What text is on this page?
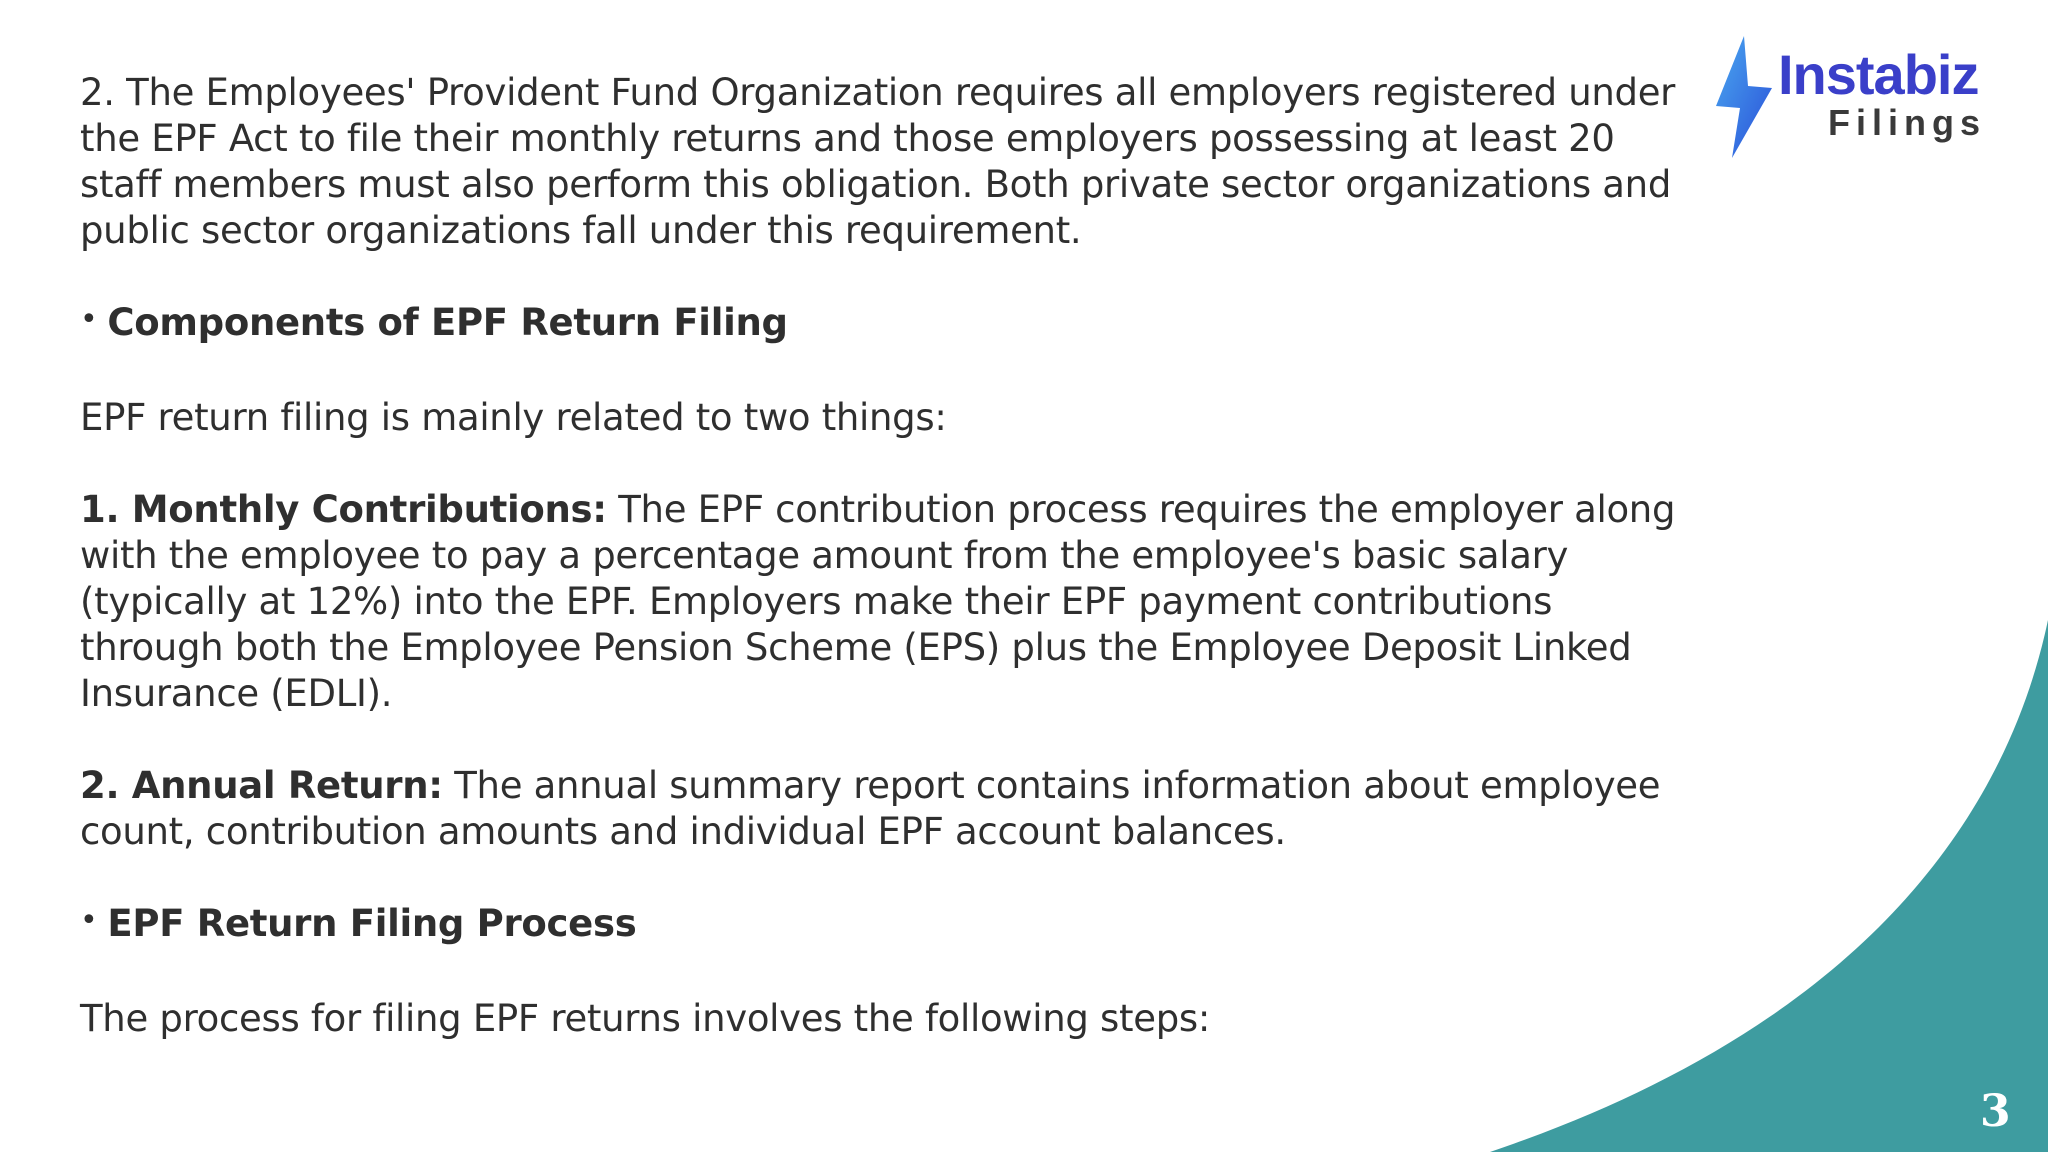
Instabiz
Filings

2. The Employees' Provident Fund Organization requires all employers registered under the EPF Act to file their monthly returns and those employers possessing at least 20 staff members must also perform this obligation. Both private sector organizations and public sector organizations fall under this requirement.

• Components of EPF Return Filing

EPF return filing is mainly related to two things:

1. Monthly Contributions: The EPF contribution process requires the employer along with the employee to pay a percentage amount from the employee's basic salary (typically at 12%) into the EPF. Employers make their EPF payment contributions through both the Employee Pension Scheme (EPS) plus the Employee Deposit Linked Insurance (EDLI).

2. Annual Return: The annual summary report contains information about employee count, contribution amounts and individual EPF account balances.

• EPF Return Filing Process

The process for filing EPF returns involves the following steps:

3
